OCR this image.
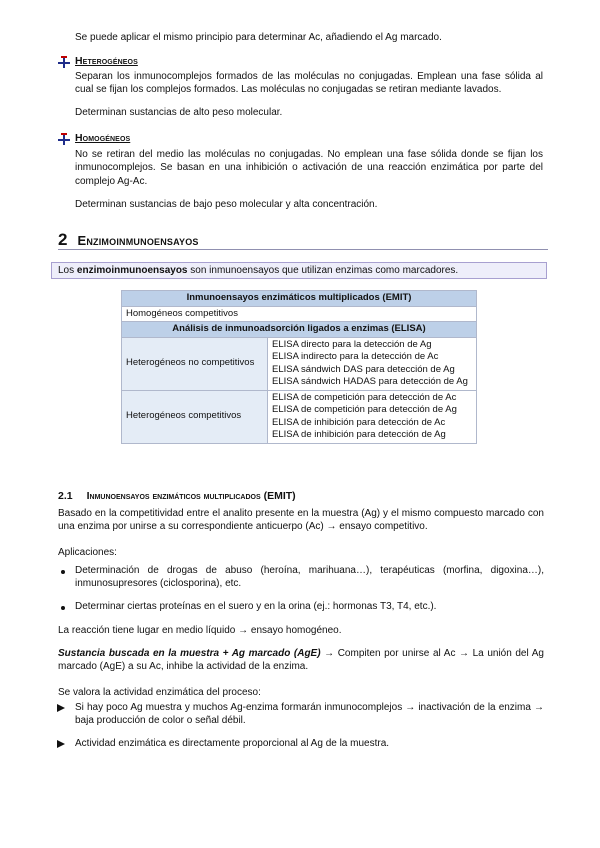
Se puede aplicar el mismo principio para determinar Ac, añadiendo el Ag marcado.

Heterogéneos

Separan los inmunocomplejos formados de las moléculas no conjugadas. Emplean una fase sólida al cual se fijan los complejos formados. Las moléculas no conjugadas se retiran mediante lavados.

Determinan sustancias de alto peso molecular.

Homogéneos

No se retiran del medio las moléculas no conjugadas. No emplean una fase sólida donde se fijan los inmunocomplejos. Se basan en una inhibición o activación de una reacción enzimática por parte del complejo Ag-Ac.

Determinan sustancias de bajo peso molecular y alta concentración.

2 Enzimoinmunoensayos
Los enzimoinmunoensayos son inmunoensayos que utilizan enzimas como marcadores.
Inmunoensayos enzimáticos multiplicados (EMIT)	
Homogéneos competitivos	
Análisis de inmunoadsorción ligados a enzimas (ELISA)	
Heterogéneos no competitivos	ELISA directo para la detección de Ag
ELISA indirecto para la detección de Ac
ELISA sándwich DAS para detección de Ag
ELISA sándwich HADAS para detección de Ag

Heterogéneos competitivos	ELISA de competición para detección de Ac
ELISA de competición para detección de Ag
ELISA de inhibición para detección de Ac
ELISA de inhibición para detección de Ag
2.1 Inmunoensayos enzimáticos multiplicados (EMIT)

Basado en la competitividad entre el analito presente en la muestra (Ag) y el mismo compuesto marcado con una enzima por unirse a su correspondiente anticuerpo (Ac) → ensayo competitivo.

Aplicaciones:

Determinación de drogas de abuso (heroína, marihuana…), terapéuticas (morfina, digoxina…), inmunosupresores (ciclosporina), etc.

Determinar ciertas proteínas en el suero y en la orina (ej.: hormonas T3, T4, etc.).

La reacción tiene lugar en medio líquido → ensayo homogéneo.

Sustancia buscada en la muestra + Ag marcado (AgE) → Compiten por unirse al Ac → La unión del Ag marcado (AgE) a su Ac, inhibe la actividad de la enzima.

Se valora la actividad enzimática del proceso:

Si hay poco Ag muestra y muchos Ag-enzima formarán inmunocomplejos → inactivación de la enzima → baja producción de color o señal débil.

Actividad enzimática es directamente proporcional al Ag de la muestra.
